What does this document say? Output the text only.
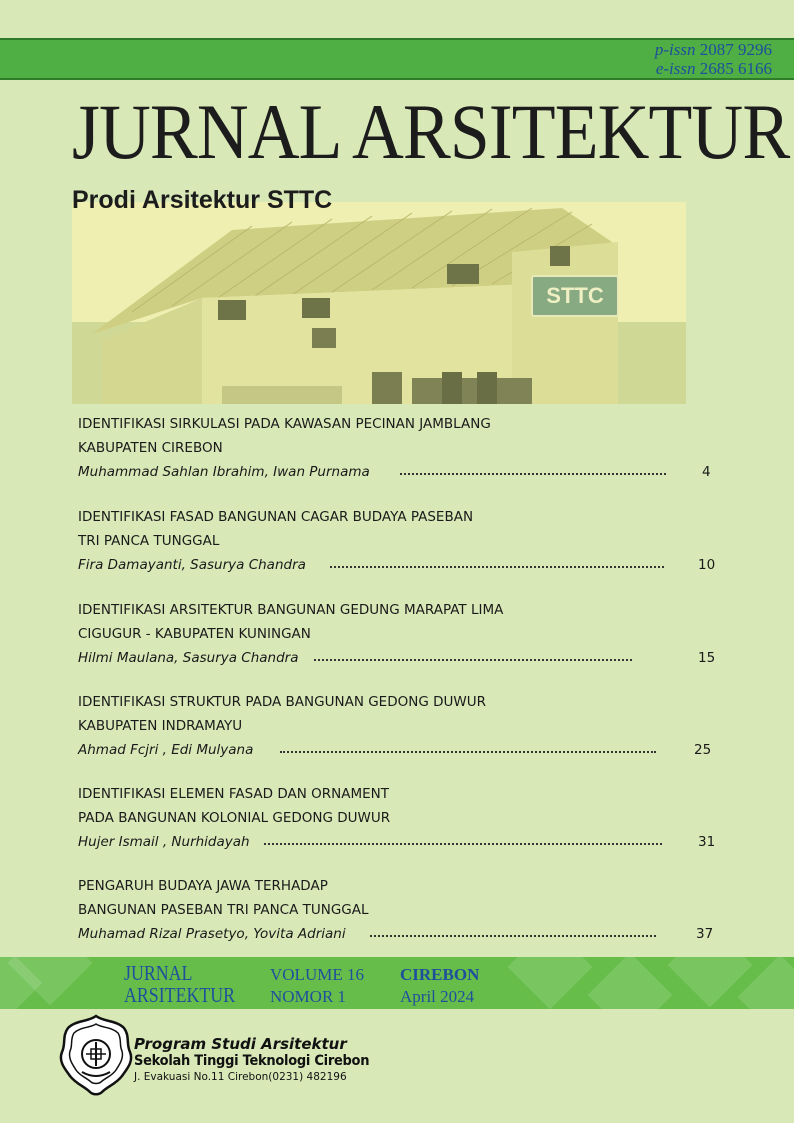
p-issn 2087 9296
e-issn 2685 6166
JURNAL ARSITEKTUR
STTC
Prodi Arsitektur STTC
IDENTIFIKASI SIRKULASI PADA KAWASAN PECINAN JAMBLANG
KABUPATEN CIREBON
Muhammad Sahlan Ibrahim, Iwan Purnama	4
IDENTIFIKASI FASAD BANGUNAN CAGAR BUDAYA PASEBAN
TRI PANCA TUNGGAL
Fira Damayanti, Sasurya Chandra	10
IDENTIFIKASI ARSITEKTUR BANGUNAN GEDUNG MARAPAT LIMA
CIGUGUR - KABUPATEN KUNINGAN
Hilmi Maulana, Sasurya Chandra	15
IDENTIFIKASI STRUKTUR PADA BANGUNAN GEDONG DUWUR
KABUPATEN INDRAMAYU
Ahmad Fcjri , Edi Mulyana	25
IDENTIFIKASI ELEMEN FASAD DAN ORNAMENT
PADA BANGUNAN KOLONIAL GEDONG DUWUR
Hujer Ismail , Nurhidayah	31
PENGARUH BUDAYA JAWA TERHADAP
BANGUNAN PASEBAN TRI PANCA TUNGGAL
Muhamad Rizal Prasetyo, Yovita Adriani	37
JURNAL
ARSITEKTUR
VOLUME 16
NOMOR 1
CIREBON
April 2024
Program Studi Arsitektur
Sekolah Tinggi Teknologi Cirebon
J. Evakuasi No.11 Cirebon(0231) 482196
